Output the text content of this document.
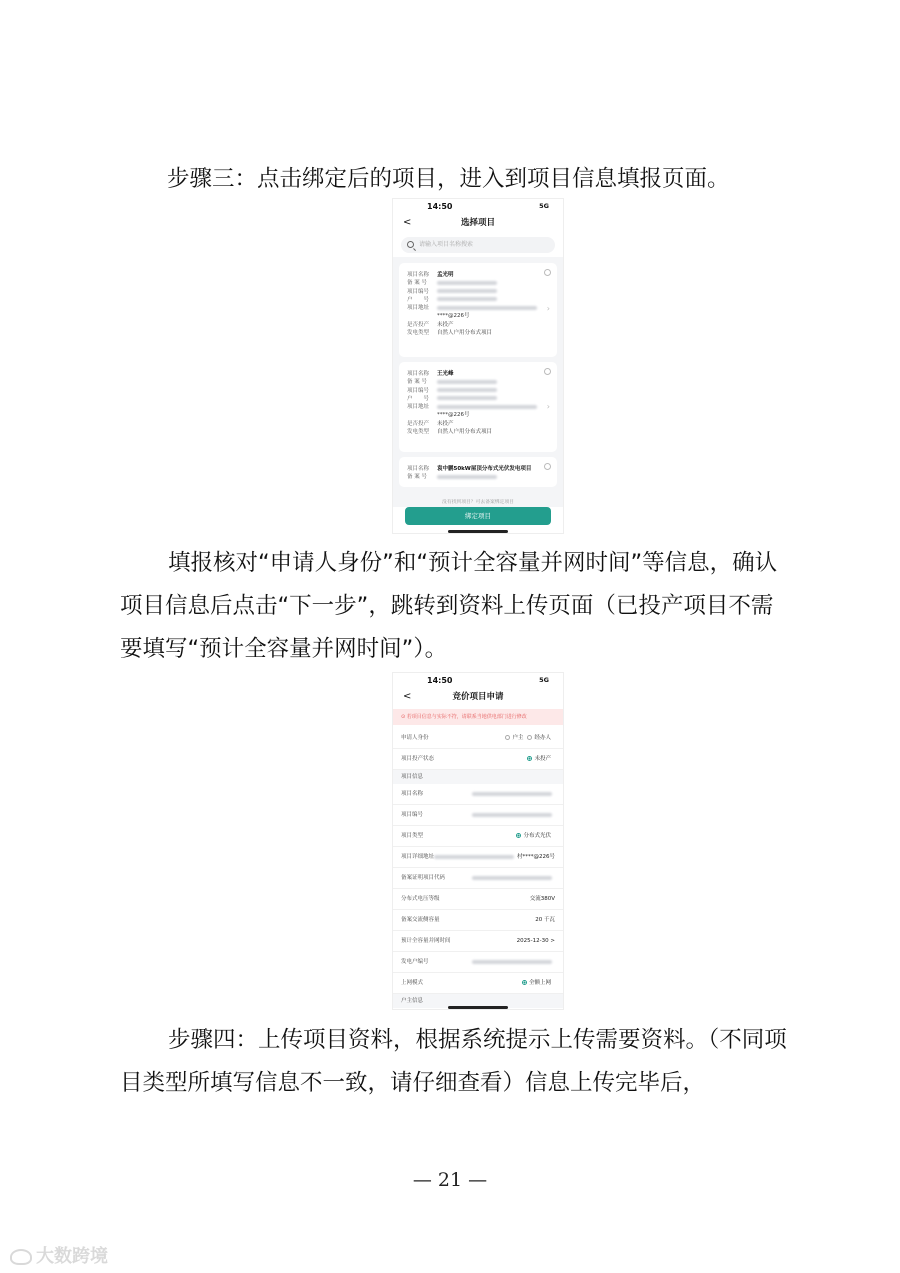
步骤三：点击绑定后的项目，进入到项目信息填报页面。
14:50	5G
<	选择项目
请输入项目名称搜索
›
项目名称 孟光明
备 案 号
项目编号
户　　号
项目地址
****@226号
是否投产 未投产
发电类型 自然人户用分布式项目
›
项目名称 王光峰
备 案 号
项目编号
户　　号
项目地址
****@226号
是否投产 未投产
发电类型 自然人户用分布式项目
项目名称 袁中鹏50kW屋顶分布式光伏发电项目
备 案 号
没有找到项目？可去备案绑定项目
绑定项目
填报核对“申请人身份”和“预计全容量并网时间”等信息，确认项目信息后点击“下一步”，跳转到资料上传页面（已投产项目不需要填写“预计全容量并网时间”）。
14:50	5G
<	竞价项目申请
⊙ 若项目信息与实际不符，请联系当地供电部门进行修改
申请人身份	户主 经办人
项目投产状态	未投产
项目信息
项目名称
项目编号
项目类型	分布式光伏
项目详细地址	村****@226号
备案证明项目代码
分布式电压等级	交流380V
备案交流侧容量	20 千瓦
预计全容量并网时间	2025-12-30 >
发电户编号
上网模式	全额上网
户主信息
步骤四：上传项目资料，根据系统提示上传需要资料。（不同项目类型所填写信息不一致，请仔细查看）信息上传完毕后，
— 21 —
大数跨境
